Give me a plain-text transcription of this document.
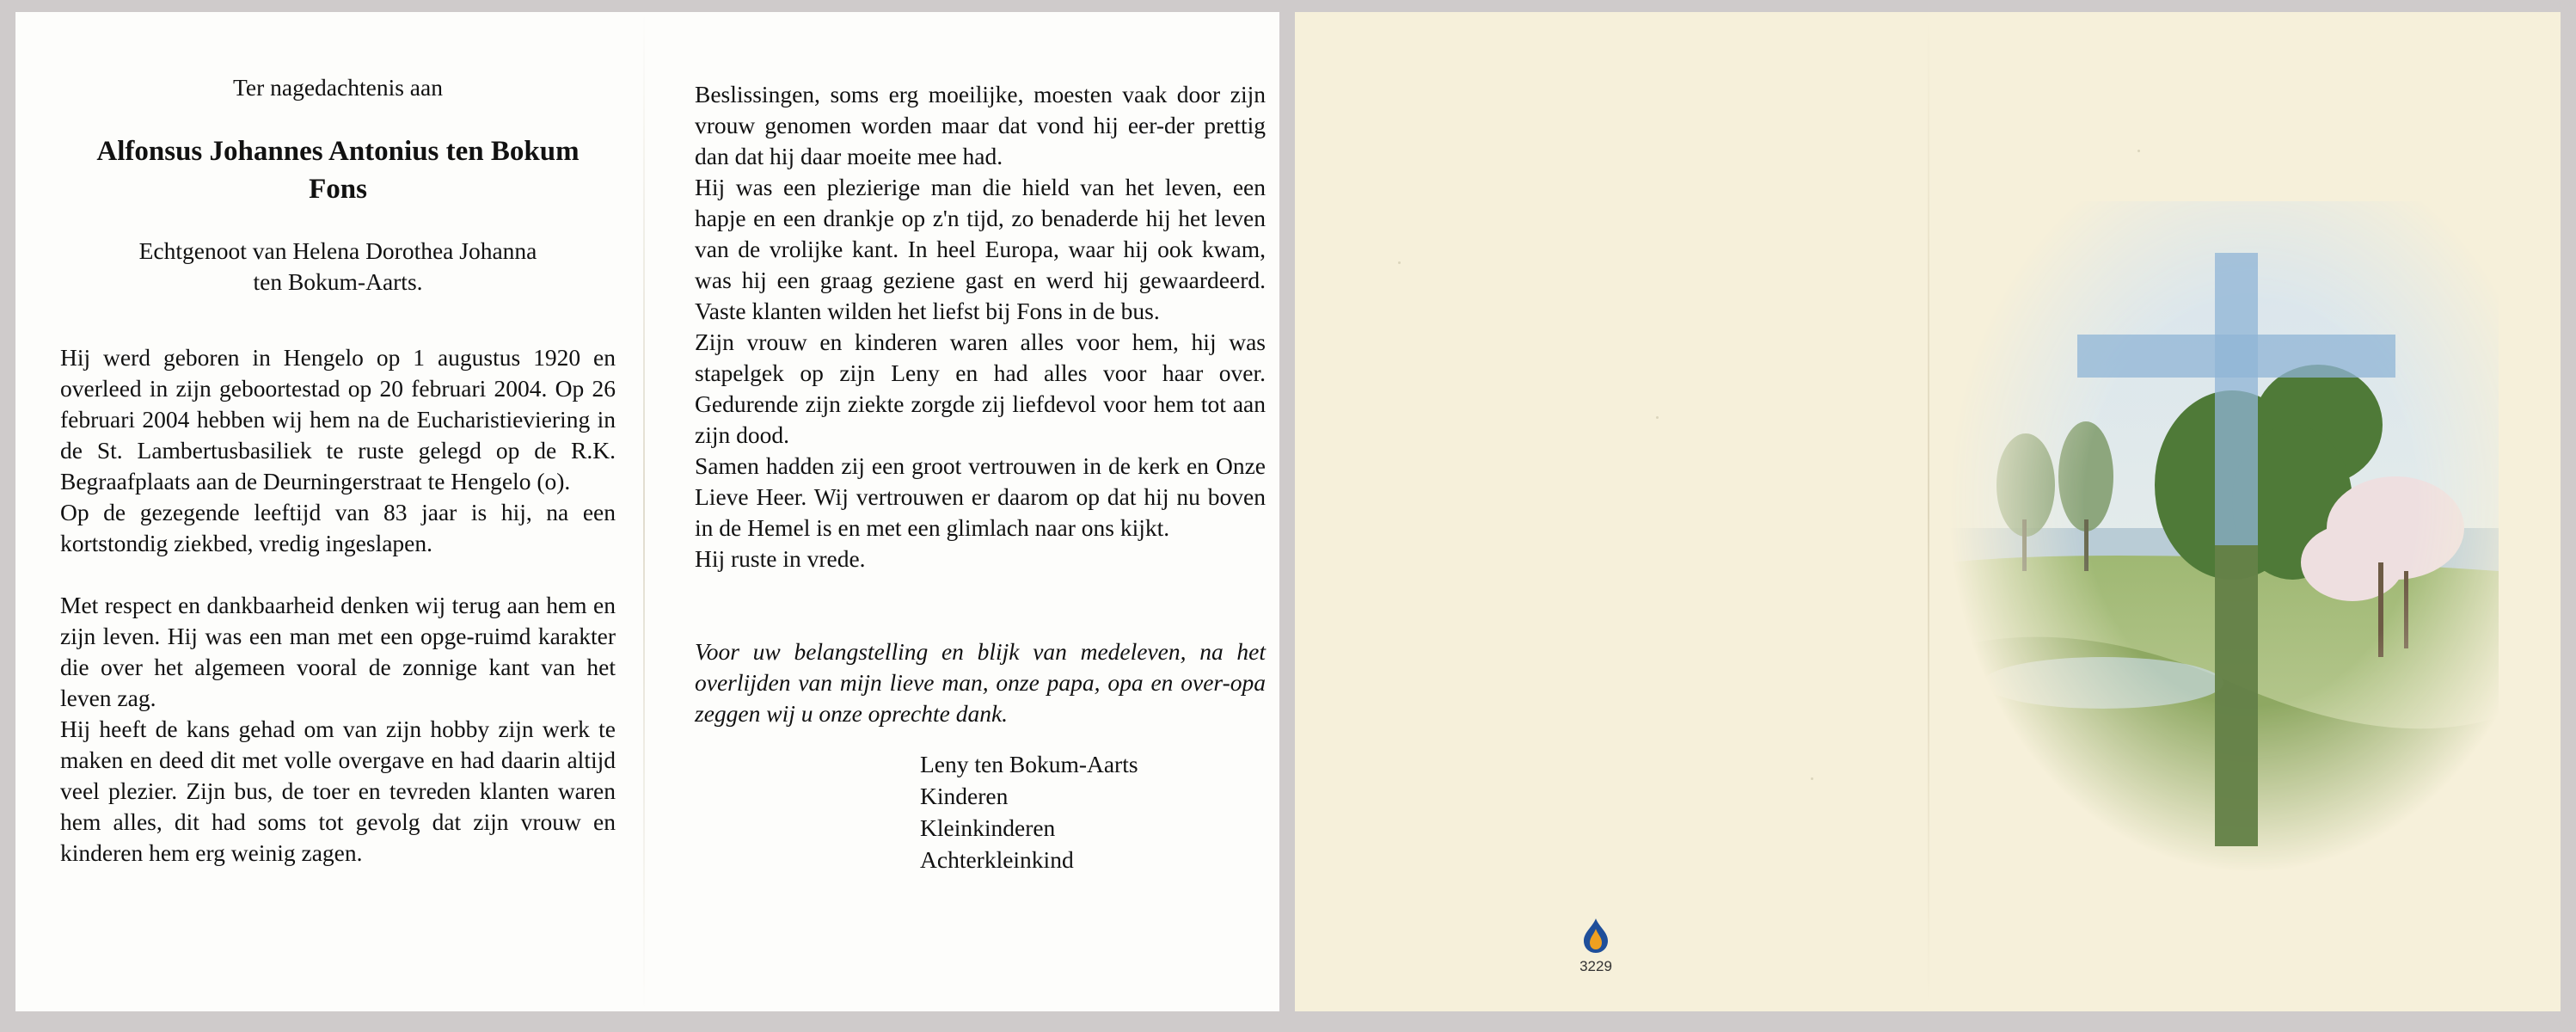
Ter nagedachtenis aan

Alfonsus Johannes Antonius ten Bokum

Fons

Echtgenoot van Helena Dorothea Johanna

ten Bokum-Aarts.

Hij werd geboren in Hengelo op 1 augustus 1920 en overleed in zijn geboortestad op 20 februari 2004. Op 26 februari 2004 hebben wij hem na de Eucharistieviering in de St. Lambertusbasiliek te ruste gelegd op de R.K. Begraafplaats aan de Deurningerstraat te Hengelo (o).

Op de gezegende leeftijd van 83 jaar is hij, na een kortstondig ziekbed, vredig ingeslapen.

Met respect en dankbaarheid denken wij terug aan hem en zijn leven. Hij was een man met een opge-ruimd karakter die over het algemeen vooral de zonnige kant van het leven zag.

Hij heeft de kans gehad om van zijn hobby zijn werk te maken en deed dit met volle overgave en had daarin altijd veel plezier. Zijn bus, de toer en tevreden klanten waren hem alles, dit had soms tot gevolg dat zijn vrouw en kinderen hem erg weinig zagen.

Beslissingen, soms erg moeilijke, moesten vaak door zijn vrouw genomen worden maar dat vond hij eer-der prettig dan dat hij daar moeite mee had.

Hij was een plezierige man die hield van het leven, een hapje en een drankje op z'n tijd, zo benaderde hij het leven van de vrolijke kant. In heel Europa, waar hij ook kwam, was hij een graag geziene gast en werd hij gewaardeerd. Vaste klanten wilden het liefst bij Fons in de bus.

Zijn vrouw en kinderen waren alles voor hem, hij was stapelgek op zijn Leny en had alles voor haar over. Gedurende zijn ziekte zorgde zij liefdevol voor hem tot aan zijn dood.

Samen hadden zij een groot vertrouwen in de kerk en Onze Lieve Heer. Wij vertrouwen er daarom op dat hij nu boven in de Hemel is en met een glimlach naar ons kijkt.

Hij ruste in vrede.

Voor uw belangstelling en blijk van medeleven, na het overlijden van mijn lieve man, onze papa, opa en over-opa zeggen wij u onze oprechte dank.

Leny ten Bokum-Aarts
Kinderen
Kleinkinderen
Achterkleinkind
3229
